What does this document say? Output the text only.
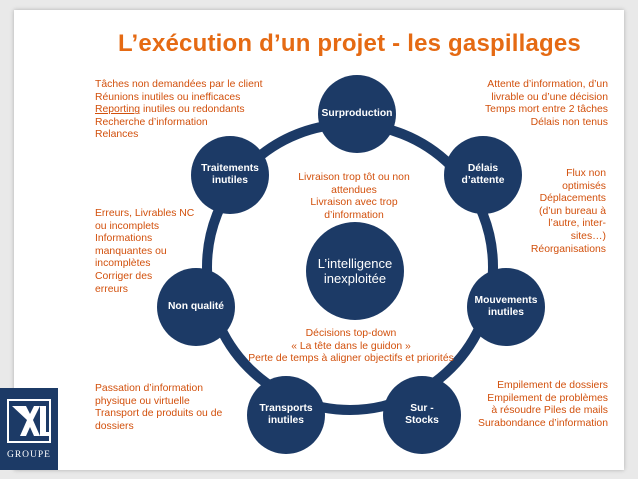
L’exécution d’un projet - les gaspillages
L’intelligence
inexploitée
Surproduction
Délais
d’attente
Mouvements
inutiles
Sur -
Stocks
Transports
inutiles
Non qualité
Traitements
inutiles
Tâches non demandées par le client
Réunions inutiles ou inefficaces
Reporting inutiles ou redondants
Recherche d’information
Relances
Attente d’information, d’un
livrable ou d’une décision
Temps mort entre 2 tâches
Délais non tenus
Flux non
optimisés
Déplacements
(d’un bureau à
l’autre, inter-
sites…)
Réorganisations
Erreurs, Livrables NC
ou incomplets
Informations
manquantes ou
incomplètes
Corriger des
erreurs
Livraison trop tôt ou non
attendues
Livraison avec trop
d’information
Décisions top-down
« La tête dans le guidon »
Perte de temps à aligner objectifs et priorités
Passation d’information
physique ou virtuelle
Transport de produits ou de
dossiers
Empilement de dossiers
Empilement de problèmes
à résoudre Piles de mails
Surabondance d’information
GROUPE
